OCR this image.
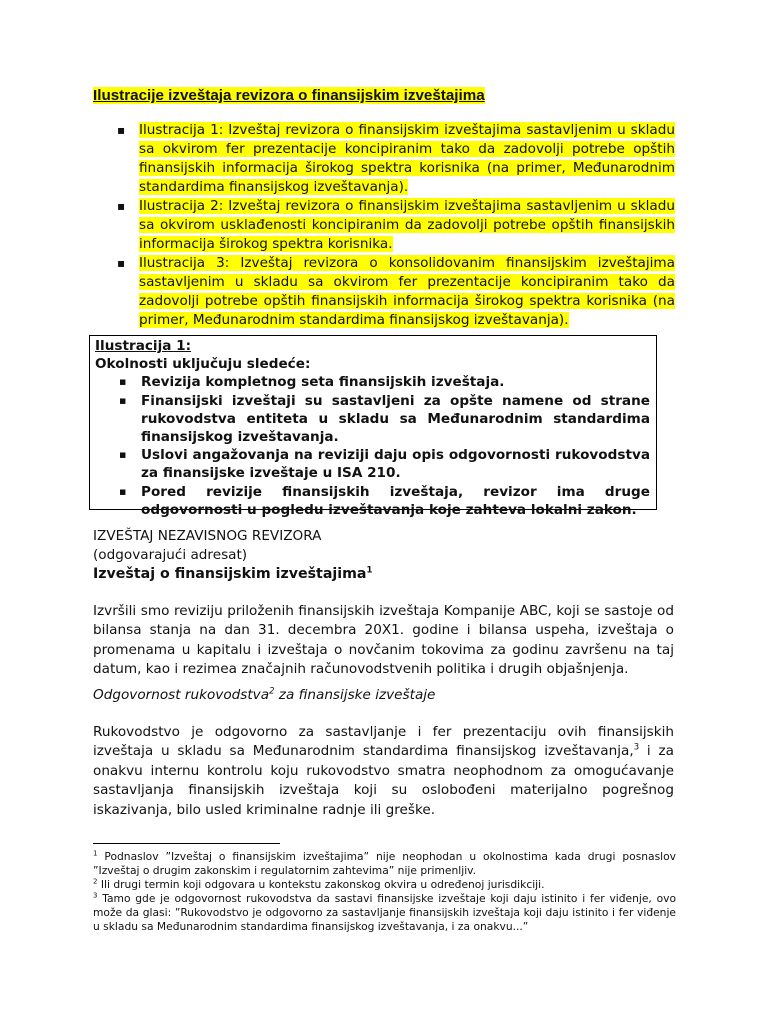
Ilustracije izveštaja revizora o finansijskim izveštajima
▪ Ilustracija 1: Izveštaj revizora o finansijskim izveštajima sastavljenim u skladu sa okvirom fer prezentacije koncipiranim tako da zadovolji potrebe opštih finansijskih informacija širokog spektra korisnika (na primer, Međunarodnim standardima finansijskog izveštavanja).
▪ Ilustracija 2: Izveštaj revizora o finansijskim izveštajima sastavljenim u skladu sa okvirom usklađenosti koncipiranim da zadovolji potrebe opštih finansijskih informacija širokog spektra korisnika.
▪ Ilustracija 3: Izveštaj revizora o konsolidovanim finansijskim izveštajima sastavljenim u skladu sa okvirom fer prezentacije koncipiranim tako da zadovolji potrebe opštih finansijskih informacija širokog spektra korisnika (na primer, Međunarodnim standardima finansijskog izveštavanja).
Ilustracija 1:
Okolnosti uključuju sledeće:
▪ Revizija kompletnog seta finansijskih izveštaja.
▪ Finansijski izveštaji su sastavljeni za opšte namene od strane rukovodstva entiteta u skladu sa Međunarodnim standardima finansijskog izveštavanja.
▪ Uslovi angažovanja na reviziji daju opis odgovornosti rukovodstva za finansijske izveštaje u ISA 210.
▪ Pored revizije finansijskih izveštaja, revizor ima druge odgovornosti u pogledu izveštavanja koje zahteva lokalni zakon.
IZVEŠTAJ NEZAVISNOG REVIZORA
(odgovarajući adresat)
Izveštaj o finansijskim izveštajima$^1$
Izvršili smo reviziju priloženih finansijskih izveštaja Kompanije ABC, koji se sastoje od bilansa stanja na dan 31. decembra 20X1. godine i bilansa uspeha, izveštaja o promenama u kapitalu i izveštaja o novčanim tokovima za godinu završenu na taj datum, kao i rezimea značajnih računovodstvenih politika i drugih objašnjenja.
Odgovornost rukovodstva$^2$ za finansijske izveštaje
Rukovodstvo je odgovorno za sastavljanje i fer prezentaciju ovih finansijskih izveštaja u skladu sa Međunarodnim standardima finansijskog izveštavanja,$^3$ i za onakvu internu kontrolu koju rukovodstvo smatra neophodnom za omogućavanje sastavljanja finansijskih izveštaja koji su oslobođeni materijalno pogrešnog iskazivanja, bilo usled kriminalne radnje ili greške.
$^1$ Podnaslov ”Izveštaj o finansijskim izveštajima” nije neophodan u okolnostima kada drugi posnaslov ”Izveštaj o drugim zakonskim i regulatornim zahtevima” nije primenljiv.
$^2$ Ili drugi termin koji odgovara u kontekstu zakonskog okvira u određenoj jurisdikciji.
$^3$ Tamo gde je odgovornost rukovodstva da sastavi finansijske izveštaje koji daju istinito i fer viđenje, ovo može da glasi: ”Rukovodstvo je odgovorno za sastavljanje finansijskih izveštaja koji daju istinito i fer viđenje u skladu sa Međunarodnim standardima finansijskog izveštavanja, i za onakvu...”
